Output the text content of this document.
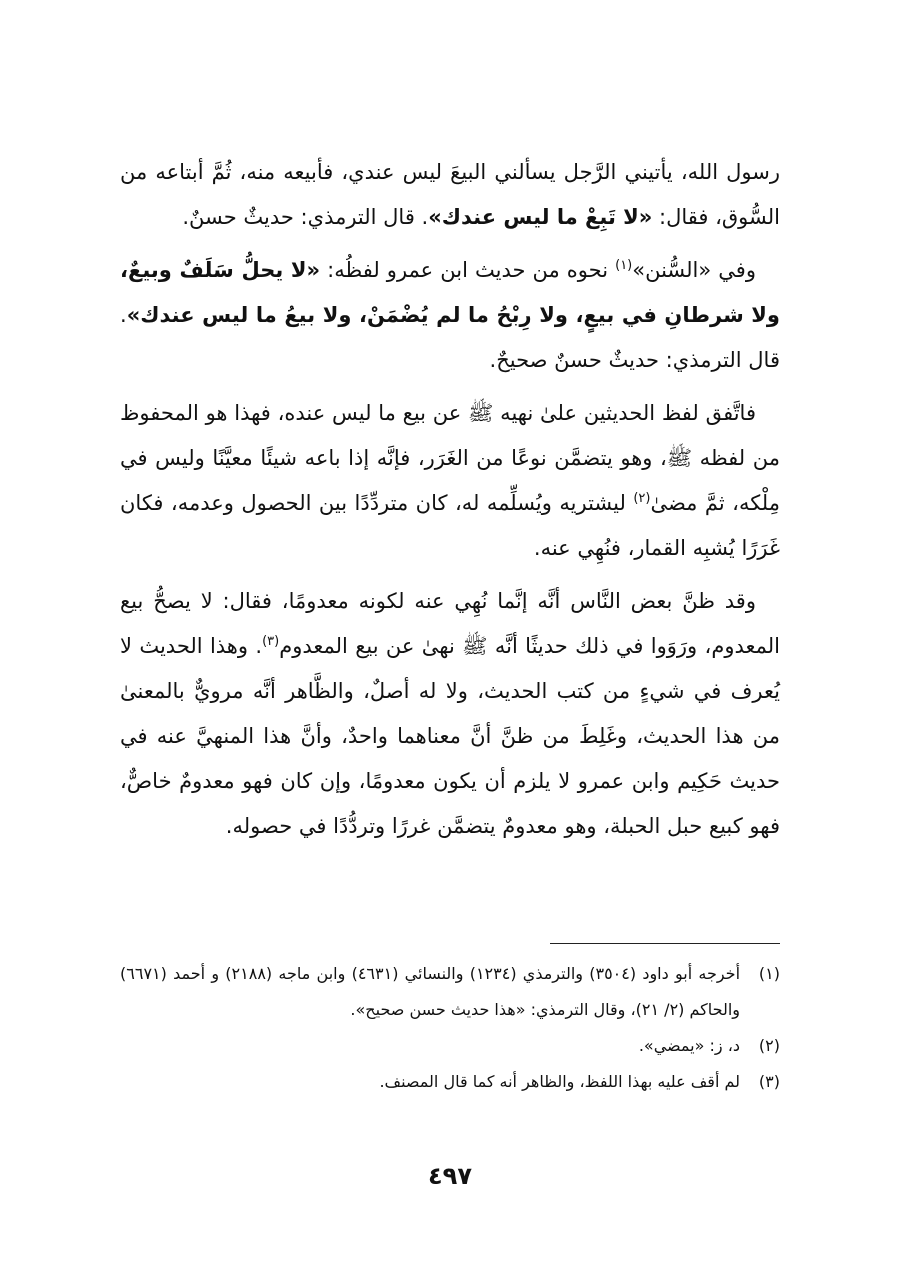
رسول الله، يأتيني الرَّجل يسألني البيعَ ليس عندي، فأبيعه منه، ثُمَّ أبتاعه من السُّوق، فقال: «لا تَبِعْ ما ليس عندك». قال الترمذي: حديثٌ حسنٌ.

وفي «السُّنن»$^{(١)}$ نحوه من حديث ابن عمرو لفظُه: «لا يحلُّ سَلَفٌ وبيعٌ، ولا شرطانِ في بيعٍ، ولا رِبْحُ ما لم يُضْمَنْ، ولا بيعُ ما ليس عندك». قال الترمذي: حديثٌ حسنٌ صحيحٌ.

فاتَّفق لفظ الحديثين علىٰ نهيه ﷺ عن بيع ما ليس عنده، فهذا هو المحفوظ من لفظه ﷺ، وهو يتضمَّن نوعًا من الغَرَر، فإنَّه إذا باعه شيئًا معيَّنًا وليس في مِلْكه، ثمَّ مضىٰ$^{(٢)}$ ليشتريه ويُسلِّمه له، كان متردِّدًا بين الحصول وعدمه، فكان غَرَرًا يُشبِه القمار، فنُهِي عنه.

وقد ظنَّ بعض النَّاس أنَّه إنَّما نُهِي عنه لكونه معدومًا، فقال: لا يصحُّ بيع المعدوم، ورَوَوا في ذلك حديثًا أنَّه ﷺ نهىٰ عن بيع المعدوم$^{(٣)}$. وهذا الحديث لا يُعرف في شيءٍ من كتب الحديث، ولا له أصلٌ، والظَّاهر أنَّه مرويٌّ بالمعنىٰ من هذا الحديث، وغَلِطَ من ظنَّ أنَّ معناهما واحدٌ، وأنَّ هذا المنهيَّ عنه في حديث حَكِيم وابن عمرو لا يلزم أن يكون معدومًا، وإن كان فهو معدومٌ خاصٌّ، فهو كبيع حبل الحبلة، وهو معدومٌ يتضمَّن غررًا وتردُّدًا في حصوله.

(١)
أخرجه أبو داود (٣٥٠٤) والترمذي (١٢٣٤) والنسائي (٤٦٣١) وابن ماجه (٢١٨٨) و أحمد (٦٦٧١) والحاكم (٢/ ٢١)، وقال الترمذي: «هذا حديث حسن صحيح».
(٢)
د، ز: «يمضي».
(٣)
لم أقف عليه بهذا اللفظ، والظاهر أنه كما قال المصنف.
٤٩٧
